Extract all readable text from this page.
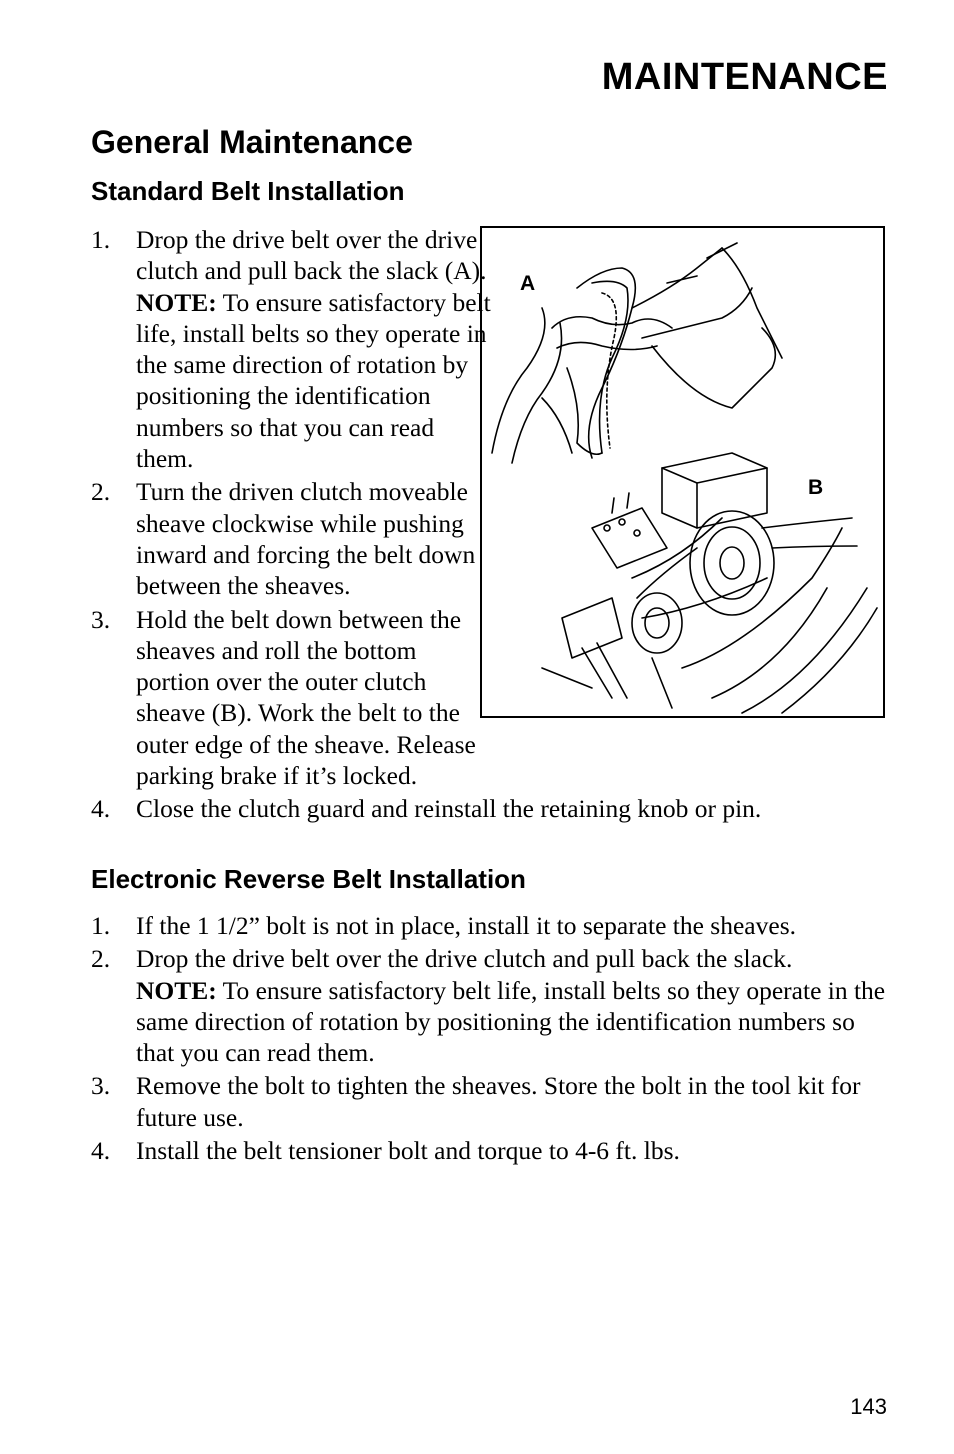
MAINTENANCE
General Maintenance
Standard Belt Installation
A
B
1. Drop the drive belt over the drive clutch and pull back the slack (A). NOTE: To ensure satisfactory belt life, install belts so they operate in the same direction of rotation by positioning the identification numbers so that you can read them.
2. Turn the driven clutch moveable sheave clockwise while pushing inward and forcing the belt down between the sheaves.
3. Hold the belt down between the sheaves and roll the bottom portion over the outer clutch sheave (B). Work the belt to the outer edge of the sheave. Release parking brake if it’s locked.
4. Close the clutch guard and reinstall the retaining knob or pin.
Electronic Reverse Belt Installation
1. If the 1 1/2” bolt is not in place, install it to separate the sheaves.
2. Drop the drive belt over the drive clutch and pull back the slack.
NOTE: To ensure satisfactory belt life, install belts so they operate in the same direction of rotation by positioning the identification numbers so that you can read them.
3. Remove the bolt to tighten the sheaves. Store the bolt in the tool kit for future use.
4. Install the belt tensioner bolt and torque to 4-6 ft. lbs.

143
